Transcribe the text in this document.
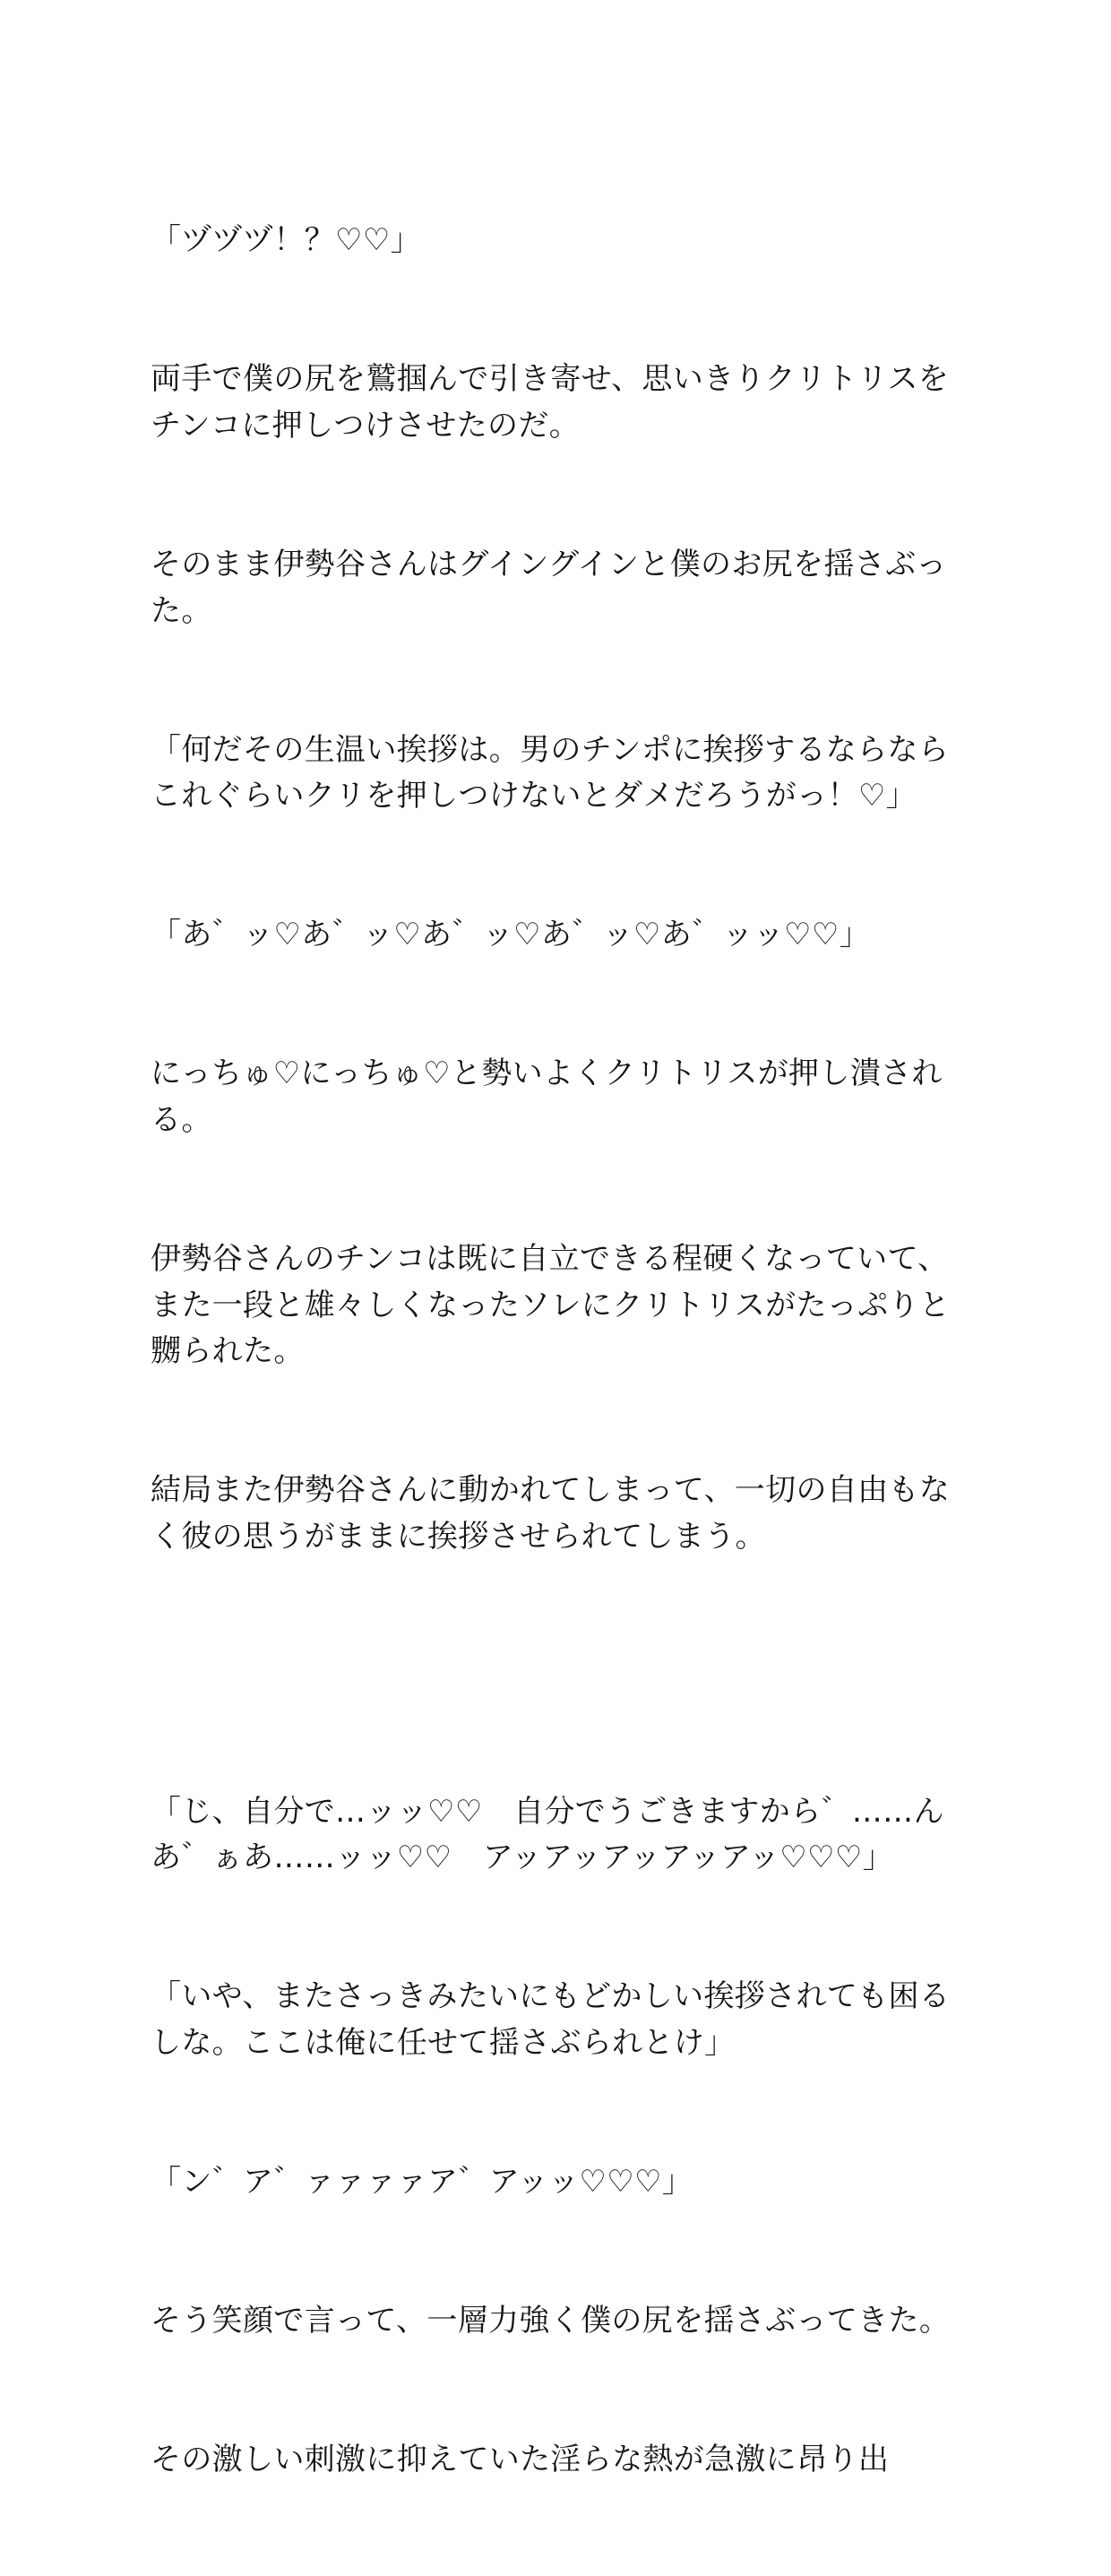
「ヅヅヅ！？♡♡」

両手で僕の尻を鷲掴んで引き寄せ、思いきりクリトリスをチンコに押しつけさせたのだ。

そのまま伊勢谷さんはグイングインと僕のお尻を揺さぶった。

「何だその生温い挨拶は。男のチンポに挨拶するならならこれぐらいクリを押しつけないとダメだろうがっ！♡」

「あ゛ッ♡あ゛ッ♡あ゛ッ♡あ゛ッ♡あ゛ッッ♡♡」

にっちゅ♡にっちゅ♡と勢いよくクリトリスが押し潰される。

伊勢谷さんのチンコは既に自立できる程硬くなっていて、また一段と雄々しくなったソレにクリトリスがたっぷりと嬲られた。

結局また伊勢谷さんに動かれてしまって、一切の自由もなく彼の思うがままに挨拶させられてしまう。

「じ、自分で…ッッ♡♡　自分でうごきますから゛……んあ゛ぁあ……ッッ♡♡　アッアッアッアッアッ♡♡♡」

「いや、またさっきみたいにもどかしい挨拶されても困るしな。ここは俺に任せて揺さぶられとけ」

「ン゛ア゛ァァァァア゛アッッ♡♡♡」

そう笑顔で言って、一層力強く僕の尻を揺さぶってきた。

その激しい刺激に抑えていた淫らな熱が急激に昂り出
